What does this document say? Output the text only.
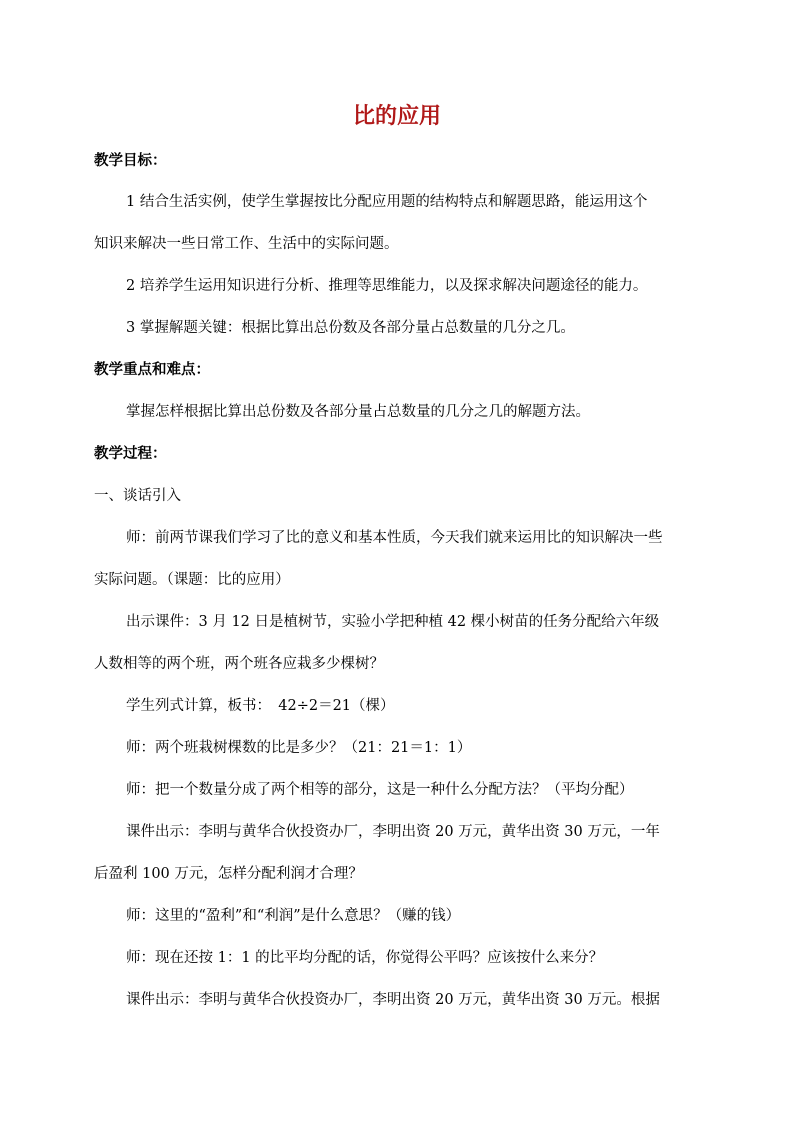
比的应用
教学目标：
1 结合生活实例，使学生掌握按比分配应用题的结构特点和解题思路，能运用这个
知识来解决一些日常工作、生活中的实际问题。
2 培养学生运用知识进行分析、推理等思维能力，以及探求解决问题途径的能力。
3 掌握解题关键：根据比算出总份数及各部分量占总数量的几分之几。
教学重点和难点：
掌握怎样根据比算出总份数及各部分量占总数量的几分之几的解题方法。
教学过程：
一、谈话引入
师：前两节课我们学习了比的意义和基本性质，今天我们就来运用比的知识解决一些
实际问题。（课题：比的应用）
出示课件：3 月 12 日是植树节，实验小学把种植 42 棵小树苗的任务分配给六年级
人数相等的两个班，两个班各应栽多少棵树？
学生列式计算，板书：　42÷2＝21（棵）
师：两个班栽树棵数的比是多少？（21：21＝1：1）
师：把一个数量分成了两个相等的部分，这是一种什么分配方法？（平均分配）
课件出示：李明与黄华合伙投资办厂，李明出资 20 万元，黄华出资 30 万元，一年
后盈利 100 万元，怎样分配利润才合理？
师：这里的“盈利”和“利润”是什么意思？（赚的钱）
师：现在还按 1：1 的比平均分配的话，你觉得公平吗？应该按什么来分？
课件出示：李明与黄华合伙投资办厂，李明出资 20 万元，黄华出资 30 万元。根据
